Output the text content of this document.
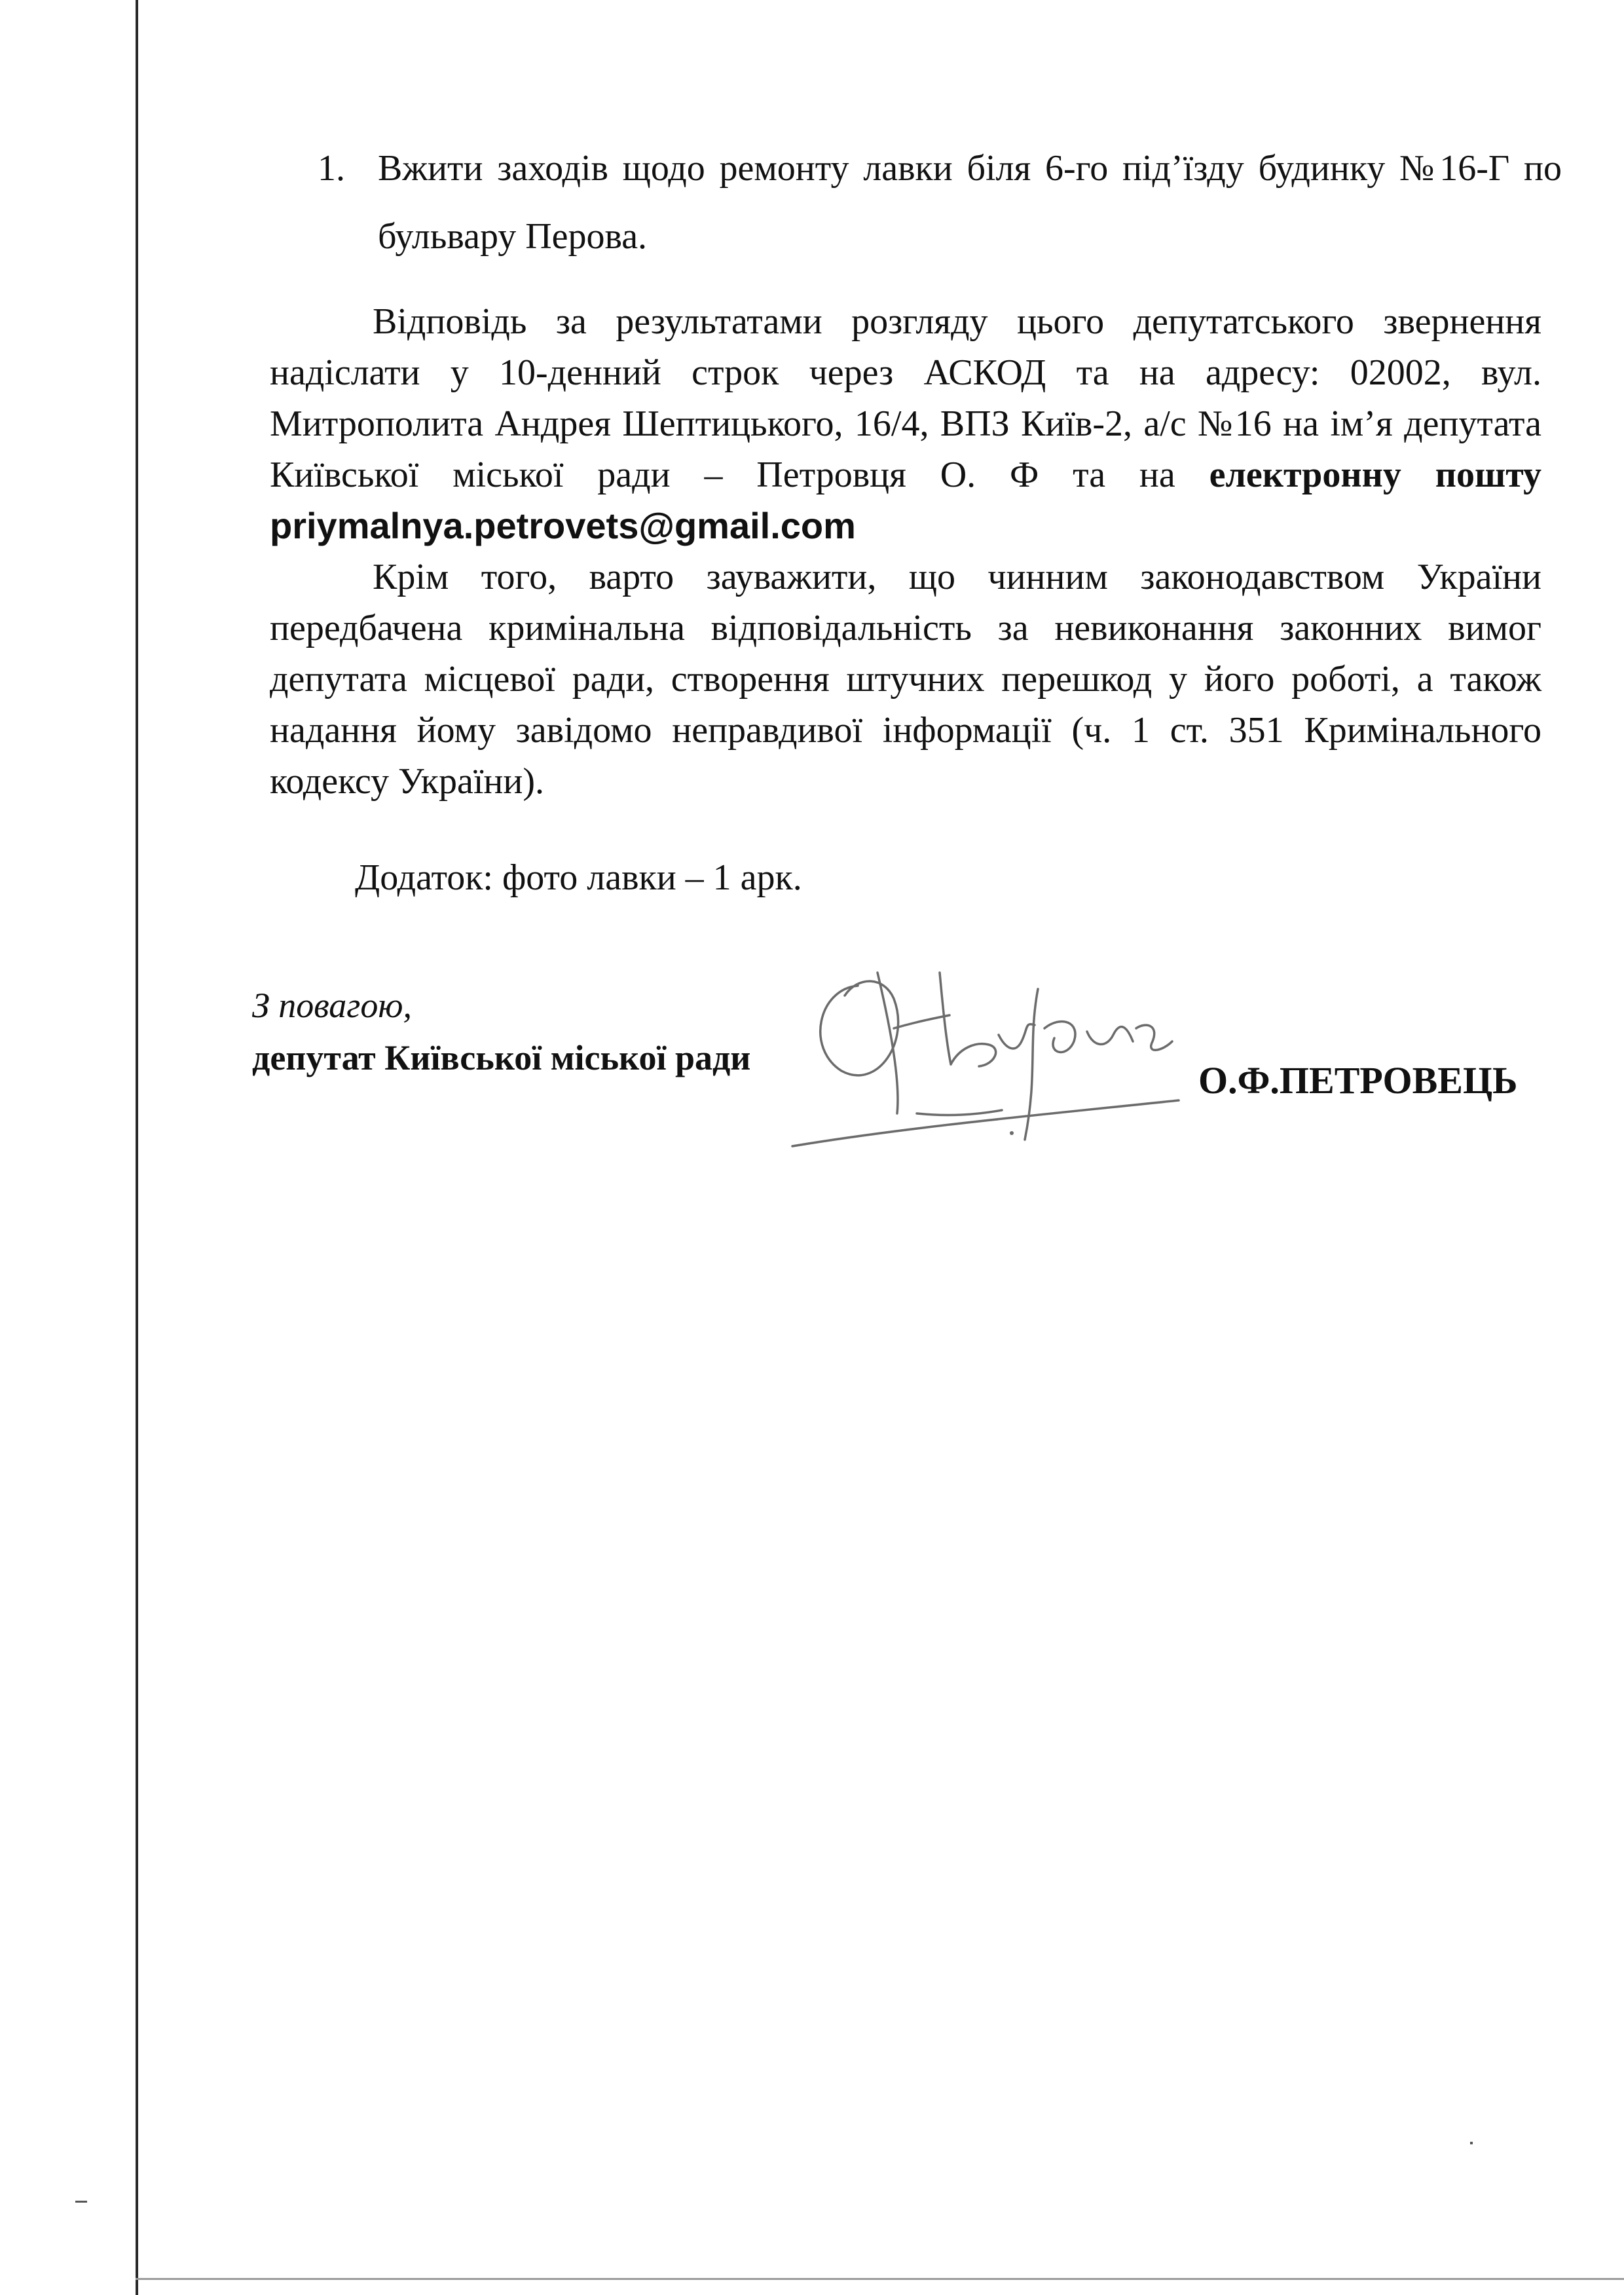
1. Вжити заходів щодо ремонту лавки біля 6-го під’їзду будинку №16-Г по бульвару Перова.

Відповідь за результатами розгляду цього депутатського звернення надіслати у 10-денний строк через АСКОД та на адресу: 02002, вул. Митрополита Андрея Шептицького, 16/4, ВПЗ Київ-2, а/с №16 на ім’я депутата Київської міської ради – Петровця О. Ф та на електронну пошту priymalnya.petrovets@gmail.com

Крім того, варто зауважити, що чинним законодавством України передбачена кримінальна відповідальність за невиконання законних вимог депутата місцевої ради, створення штучних перешкод у його роботі, а також надання йому завідомо неправдивої інформації (ч. 1 ст. 351 Кримінального кодексу України).

Додаток: фото лавки – 1 арк.
З повагою,
депутат Київської міської ради
О.Ф.ПЕТРОВЕЦЬ
